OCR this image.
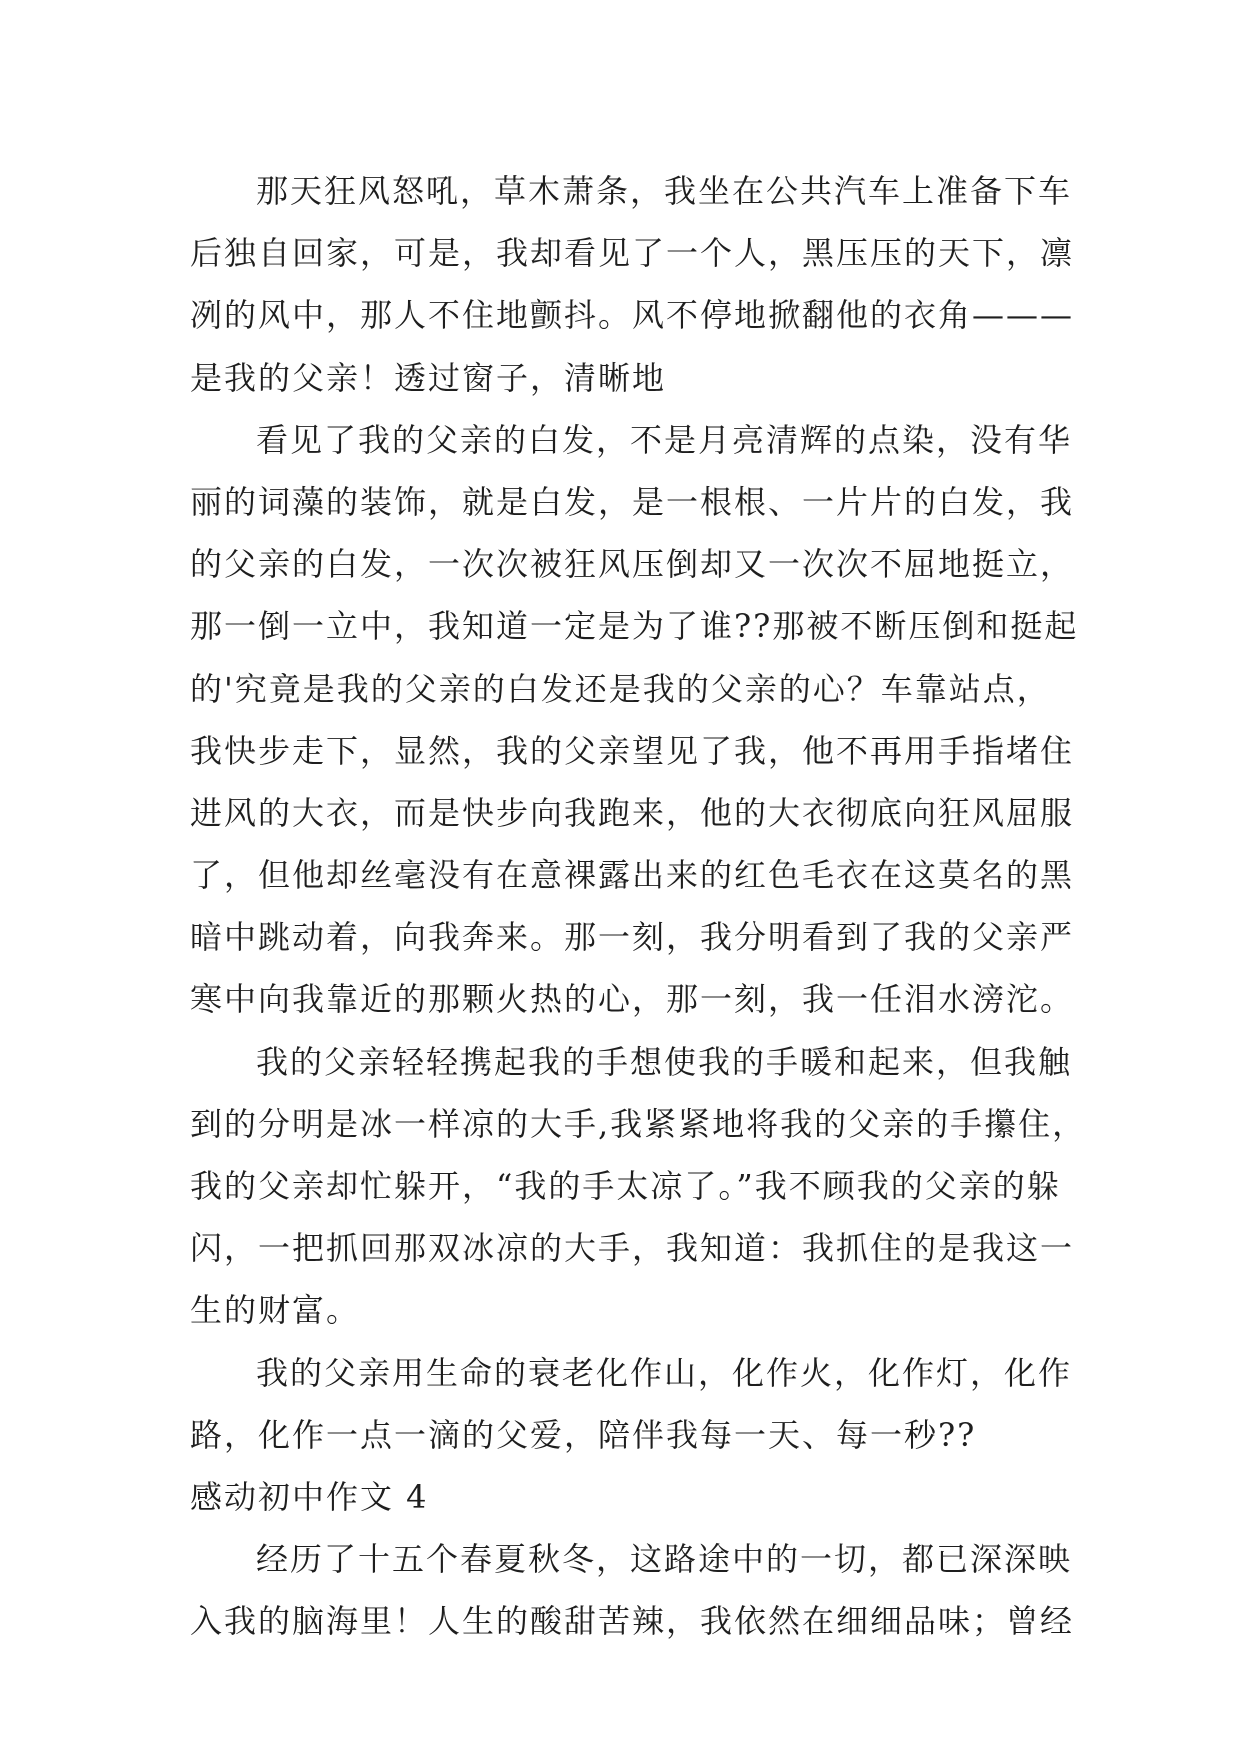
那天狂风怒吼，草木萧条，我坐在公共汽车上准备下车
后独自回家，可是，我却看见了一个人，黑压压的天下，凛
冽的风中，那人不住地颤抖。风不停地掀翻他的衣角———
是我的父亲！透过窗子，清晰地
看见了我的父亲的白发，不是月亮清辉的点染，没有华
丽的词藻的装饰，就是白发，是一根根、一片片的白发，我
的父亲的白发，一次次被狂风压倒却又一次次不屈地挺立，
那一倒一立中，我知道一定是为了谁??那被不断压倒和挺起
的'究竟是我的父亲的白发还是我的父亲的心？车靠站点，
我快步走下，显然，我的父亲望见了我，他不再用手指堵住
进风的大衣，而是快步向我跑来，他的大衣彻底向狂风屈服
了，但他却丝毫没有在意裸露出来的红色毛衣在这莫名的黑
暗中跳动着，向我奔来。那一刻，我分明看到了我的父亲严
寒中向我靠近的那颗火热的心，那一刻，我一任泪水滂沱。
我的父亲轻轻携起我的手想使我的手暖和起来，但我触
到的分明是冰一样凉的大手,我紧紧地将我的父亲的手攥住，
我的父亲却忙躲开，“我的手太凉了。”我不顾我的父亲的躲
闪，一把抓回那双冰凉的大手，我知道：我抓住的是我这一
生的财富。
我的父亲用生命的衰老化作山，化作火，化作灯，化作
路，化作一点一滴的父爱，陪伴我每一天、每一秒??
感动初中作文 4
经历了十五个春夏秋冬，这路途中的一切，都已深深映
入我的脑海里！人生的酸甜苦辣，我依然在细细品味；曾经
